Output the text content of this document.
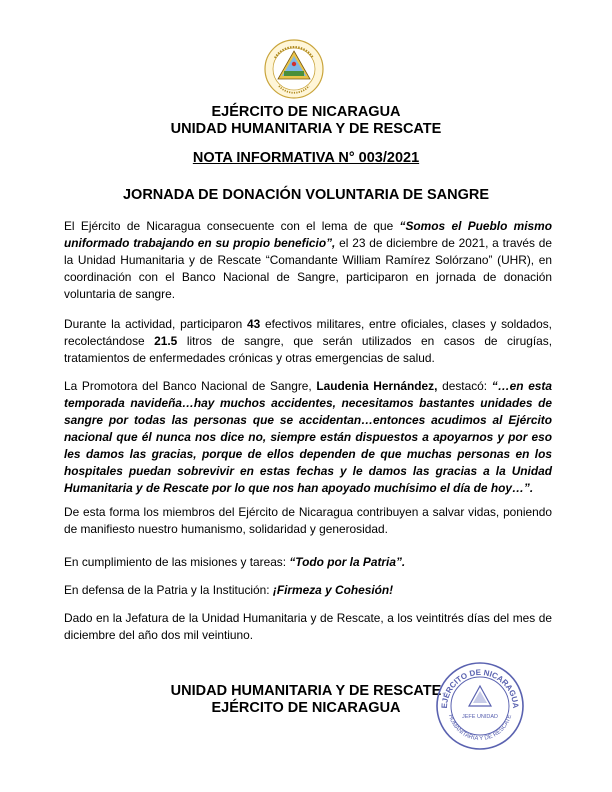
EJÉRCITO DE NICARAGUA
UNIDAD HUMANITARIA Y DE RESCATE
NOTA INFORMATIVA N° 003/2021
JORNADA DE DONACIÓN VOLUNTARIA DE SANGRE
El Ejército de Nicaragua consecuente con el lema de que “Somos el Pueblo mismo uniformado trabajando en su propio beneficio”, el 23 de diciembre de 2021, a través de la Unidad Humanitaria y de Rescate “Comandante William Ramírez Solórzano” (UHR), en coordinación con el Banco Nacional de Sangre, participaron en jornada de donación voluntaria de sangre.
Durante la actividad, participaron 43 efectivos militares, entre oficiales, clases y soldados, recolectándose 21.5 litros de sangre, que serán utilizados en casos de cirugías, tratamientos de enfermedades crónicas y otras emergencias de salud.
La Promotora del Banco Nacional de Sangre, Laudenia Hernández, destacó: “…en esta temporada navideña…hay muchos accidentes, necesitamos bastantes unidades de sangre por todas las personas que se accidentan…entonces acudimos al Ejército nacional que él nunca nos dice no, siempre están dispuestos a apoyarnos y por eso les damos las gracias, porque de ellos dependen de que muchas personas en los hospitales puedan sobrevivir en estas fechas y le damos las gracias a la Unidad Humanitaria y de Rescate por lo que nos han apoyado muchísimo el día de hoy…”.
De esta forma los miembros del Ejército de Nicaragua contribuyen a salvar vidas, poniendo de manifiesto nuestro humanismo, solidaridad y generosidad.
En cumplimiento de las misiones y tareas: “Todo por la Patria”.
En defensa de la Patria y la Institución: ¡Firmeza y Cohesión!
Dado en la Jefatura de la Unidad Humanitaria y de Rescate, a los veintitrés días del mes de diciembre del año dos mil veintiuno.
UNIDAD HUMANITARIA Y DE RESCATE
EJÉRCITO DE NICARAGUA	EJÉRCITO DE NICARAGUA
JEFE UNIDAD
HUMANITARIA Y DE RESCATE
